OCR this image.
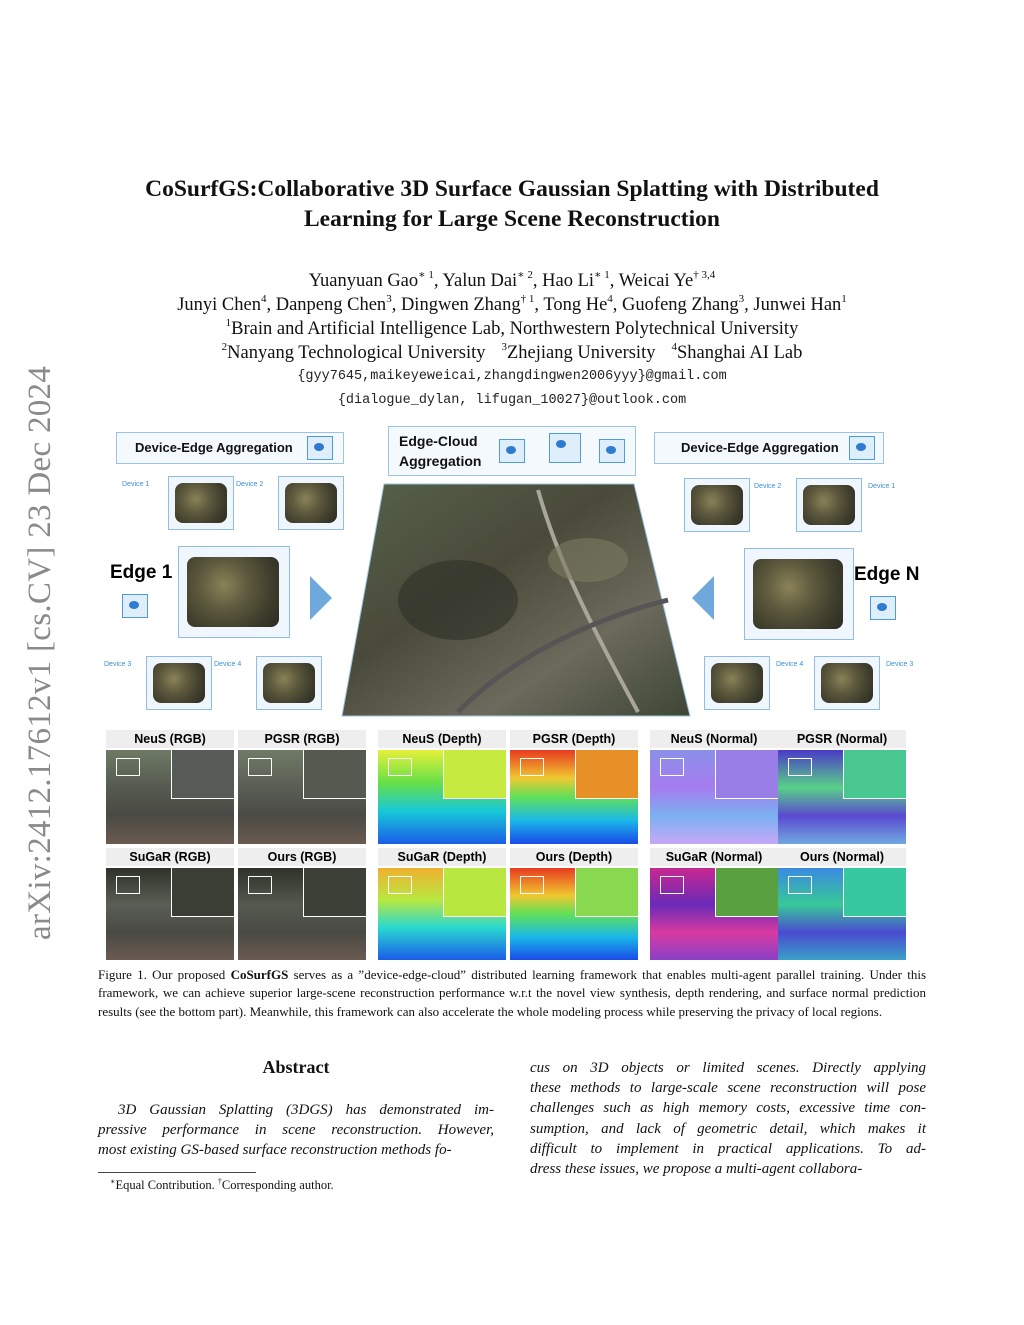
arXiv:2412.17612v1 [cs.CV] 23 Dec 2024
CoSurfGS:Collaborative 3D Surface Gaussian Splatting with Distributed
Learning for Large Scene Reconstruction
Yuanyuan Gao$^{∗ 1}$, Yalun Dai$^{∗ 2}$, Hao $Li^{∗ 1}$, Weicai Ye$^{\dagger 3,4}$
Junyi Chen$^4$, Danpeng Chen$^3$, Dingwen Zhang$^{\dagger 1}$, Tong He$^4$, Guofeng Zhang$^3$, Junwei Han$^1$
$^1$Brain and Artificial Intelligence Lab, Northwestern Polytechnical University
$^2$Nanyang Technological University $^3$Zhejiang University $^4$Shanghai AI Lab
{gyy7645,maikeyeweicai,zhangdingwen2006yyy}@gmail.com
{dialogue_dylan, lifugan_10027}@outlook.com
Device-Edge Aggregation	Edge-Cloud
Aggregation
Device-Edge Aggregation
Device 1	Device 2
Device 3	Device 4
Edge 1	Edge N
Device 2	Device 1
Device 4	Device 3
NeuS (RGB)	PGSR (RGB)	NeuS (Depth)	PGSR (Depth)	NeuS (Normal)	PGSR (Normal)
SuGaR (RGB)	Ours (RGB)	SuGaR (Depth)	Ours (Depth)	SuGaR (Normal)	Ours (Normal)
Figure 1. Our proposed CoSurfGS serves as a ”device-edge-cloud” distributed learning framework that enables multi-agent parallel training. Under this framework, we can achieve superior large-scene reconstruction performance w.r.t the novel view synthesis, depth rendering, and surface normal prediction results (see the bottom part). Meanwhile, this framework can also accelerate the whole modeling process while preserving the privacy of local regions.
Abstract
3D Gaussian Splatting (3DGS) has demonstrated im-
pressive performance in scene reconstruction. However,
most existing GS-based surface reconstruction methods fo-
cus on 3D objects or limited scenes. Directly applying
these methods to large-scale scene reconstruction will pose
challenges such as high memory costs, excessive time con-
sumption, and lack of geometric detail, which makes it
difficult to implement in practical applications. To ad-
dress these issues, we propose a multi-agent collabora-
∗Equal Contribution. †Corresponding author.
